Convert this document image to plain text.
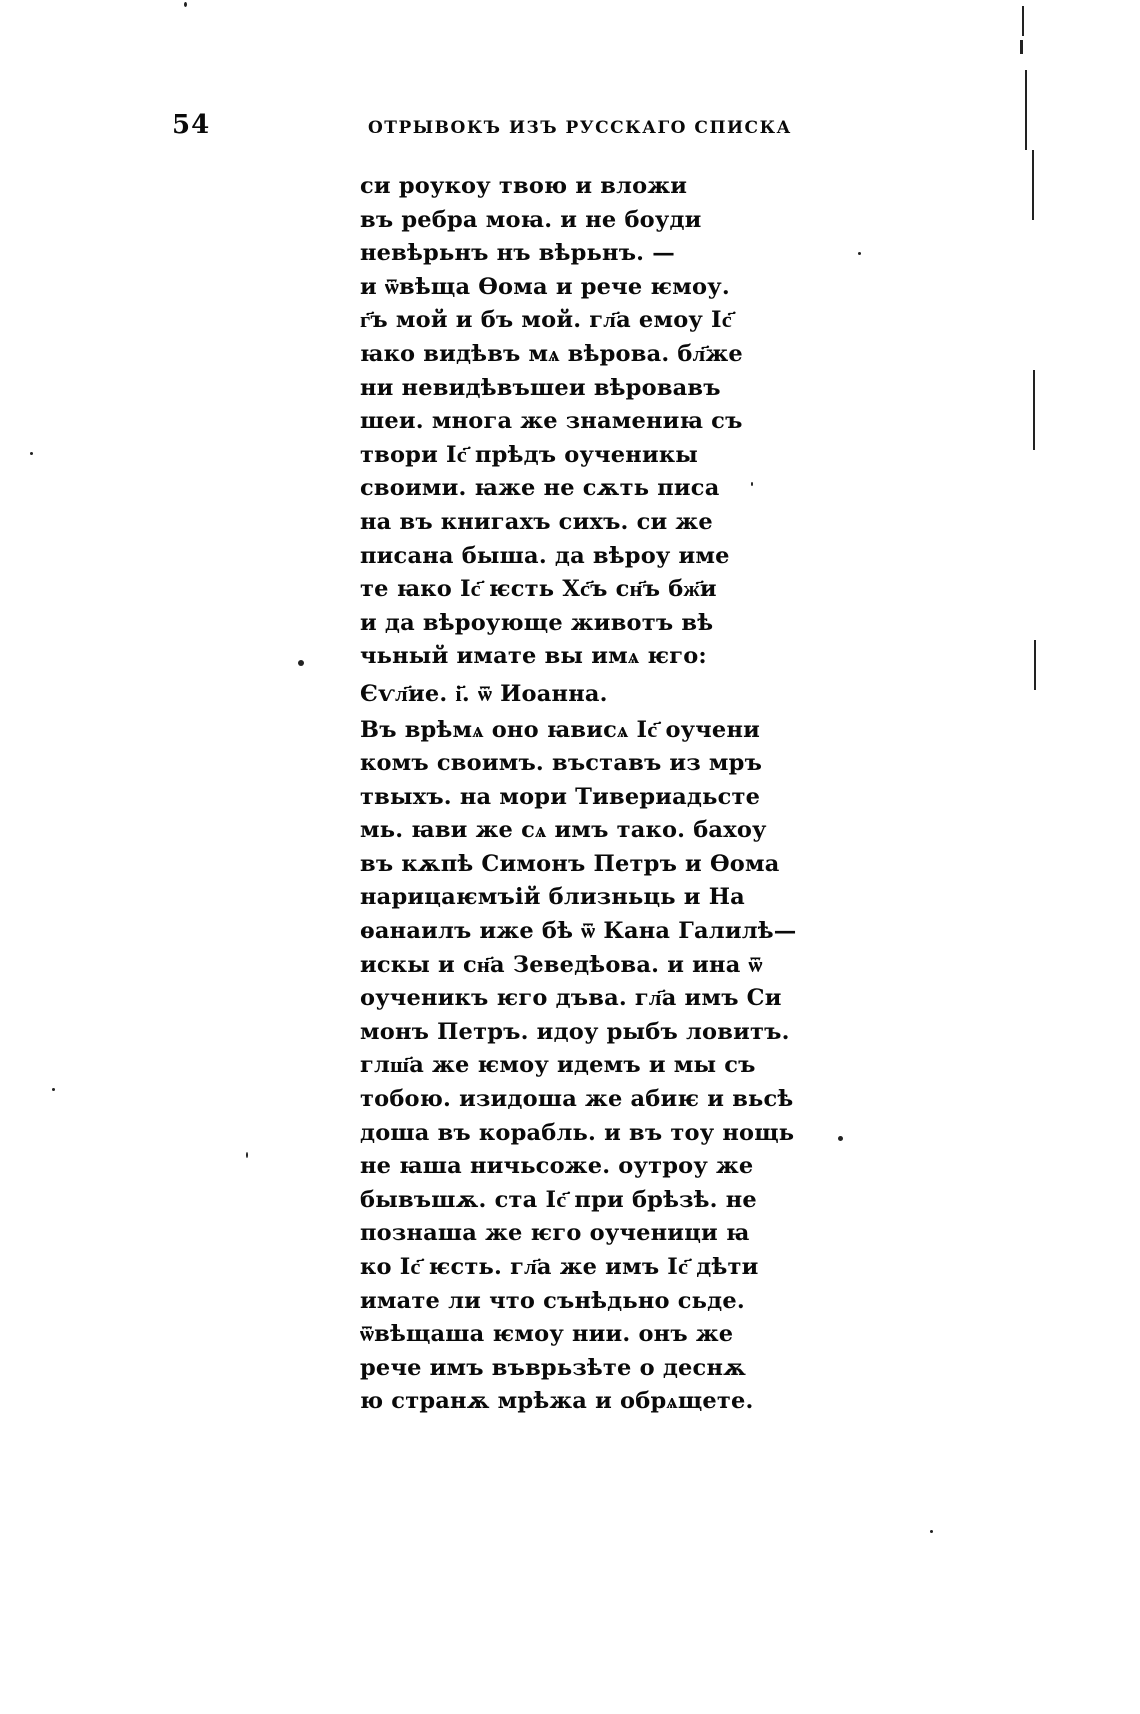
54	ОТРЫВОКЪ ИЗЪ РУССКАГО СПИСКА
си роукоу твою и вложи
въ ребра моꙗ. и не боуди
невѣрьнъ нъ вѣрьнъ. —
и ѿвѣща Ѳома и рече ѥмоу.
г҃ъ мой и бъ мой. гл҃а емоу Іс҃
ꙗко видѣвъ мѧ вѣрова. бл҃же
ни невидѣвъшеи вѣровавъ
шеи. многа же знамениꙗ съ
твори Іс҃ прѣдъ оученикы
своими. ꙗже не сѫть писа
на въ книгахъ сихъ. си же
писана быша. да вѣроу име
те ꙗко Іс҃ ѥсть Хс҃ъ сн҃ъ бж҃и
и да вѣроующе животъ вѣ
чьный имате вы имѧ ѥго:
Єѵл҃ие. і҃. ѿ Иоанна.
Въ врѣмѧ оно ꙗвисѧ Іс҃ оучени
комъ своимъ. въставъ из мръ
твыхъ. на мори Тивериадьсте
мь. ꙗви же сѧ имъ тако. бахоу
въ кѫпѣ Симонъ Петръ и Ѳома
нарицаѥмъій близньць и На
ѳанаилъ иже бѣ ѿ Кана Галилѣ—
искы и сн҃а Зеведѣова. и ина ѿ
оученикъ ѥго дъва. гл҃а имъ Си
монъ Петръ. идоу рыбъ ловитъ.
глш҃а же ѥмоу идемъ и мы съ
тобою. изидоша же абиѥ и вьсѣ
доша въ корабль. и въ тоу нощь
не ꙗша ничьсоже. оутроу же
бывъшѫ. ста Іс҃ при брѣзѣ. не
познаша же ѥго оученици ꙗ
ко Іс҃ ѥсть. гл҃а же имъ Іс҃ дѣти
имате ли что сънѣдьно сьде.
ѿвѣщаша ѥмоу нии. онъ же
рече имъ въврьзѣте о деснѫ
ю странѫ мрѣжа и обрѧщете.
